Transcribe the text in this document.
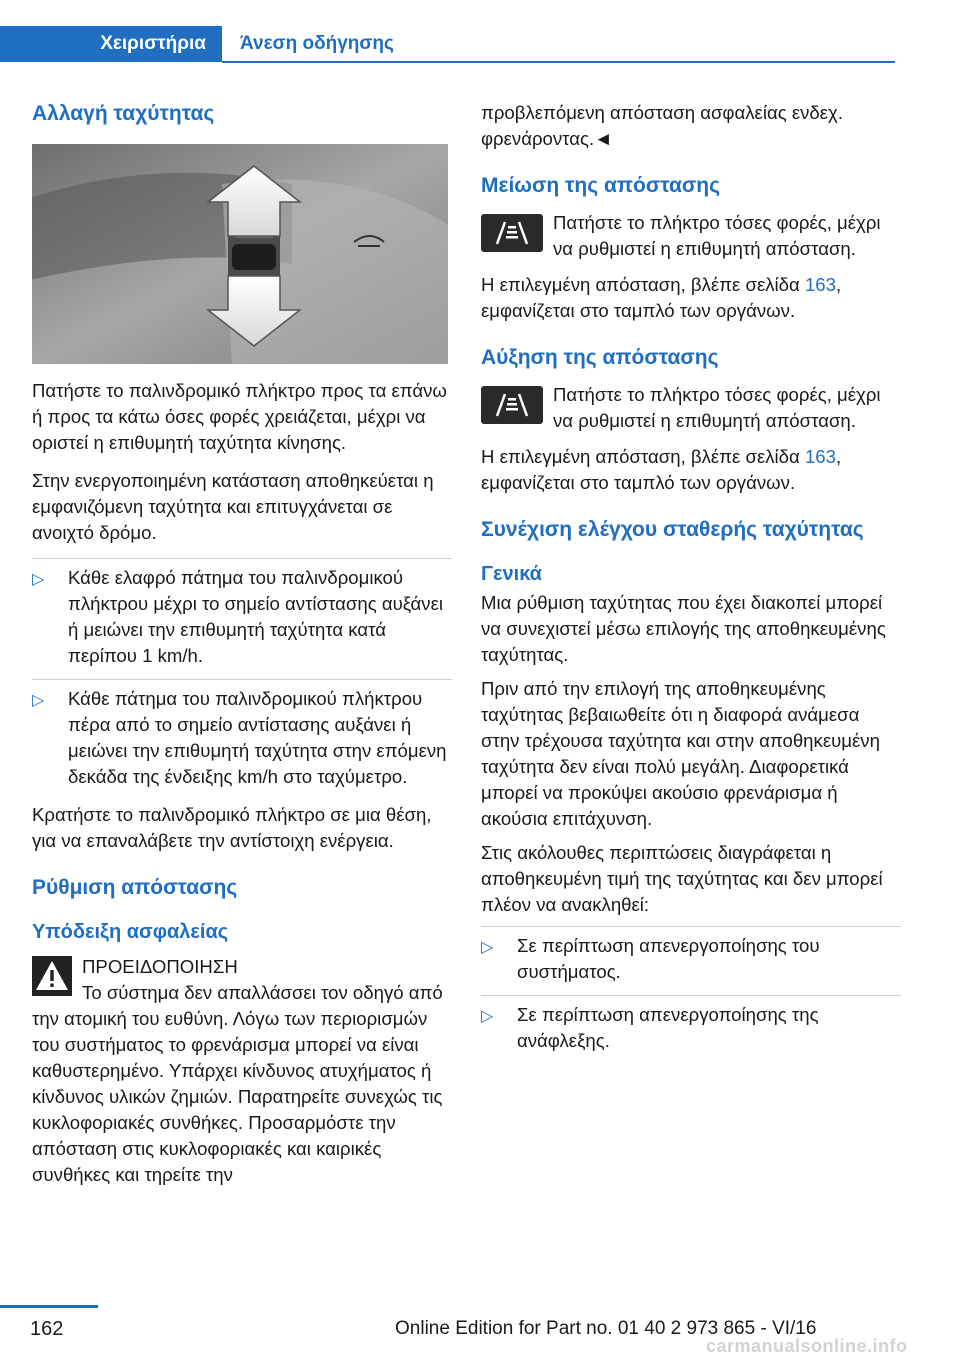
Χειριστήρια Άνεση οδήγησης
Αλλαγή ταχύτητας

Πατήστε το παλινδρομικό πλήκτρο προς τα επάνω ή προς τα κάτω όσες φορές χρειάζεται, μέχρι να οριστεί η επιθυμητή ταχύτητα κίνησης.

Στην ενεργοποιημένη κατάσταση αποθηκεύεται η εμφανιζόμενη ταχύτητα και επιτυγχάνεται σε ανοιχτό δρόμο.

▷ Κάθε ελαφρό πάτημα του παλινδρομικού πλήκτρου μέχρι το σημείο αντίστασης αυξάνει ή μειώνει την επιθυμητή ταχύτητα κατά περίπου 1 km/h.
▷ Κάθε πάτημα του παλινδρομικού πλήκτρου πέρα από το σημείο αντίστασης αυξάνει ή μειώνει την επιθυμητή ταχύτητα στην επόμενη δεκάδα της ένδειξης km/h στο ταχύμετρο.

Κρατήστε το παλινδρομικό πλήκτρο σε μια θέση, για να επαναλάβετε την αντίστοιχη ενέργεια.

Ρύθμιση απόστασης
Υπόδειξη ασφαλείας
ΠΡΟΕΙΔΟΠΟΙΗΣΗ
Το σύστημα δεν απαλλάσσει τον οδηγό από την ατομική του ευθύνη. Λόγω των περιορισμών του συστήματος το φρενάρισμα μπορεί να είναι καθυστερημένο. Υπάρχει κίνδυνος ατυχήματος ή κίνδυνος υλικών ζημιών. Παρατηρείτε συνεχώς τις κυκλοφοριακές συνθήκες. Προσαρμόστε την απόσταση στις κυκλοφοριακές και καιρικές συνθήκες και τηρείτε την

προβλεπόμενη απόσταση ασφαλείας ενδεχ. φρενάροντας.◄

Μείωση της απόστασης
Πατήστε το πλήκτρο τόσες φορές, μέχρι να ρυθμιστεί η επιθυμητή απόσταση.

Η επιλεγμένη απόσταση, βλέπε σελίδα 163, εμφανίζεται στο ταμπλό των οργάνων.

Αύξηση της απόστασης
Πατήστε το πλήκτρο τόσες φορές, μέχρι να ρυθμιστεί η επιθυμητή απόσταση.

Η επιλεγμένη απόσταση, βλέπε σελίδα 163, εμφανίζεται στο ταμπλό των οργάνων.

Συνέχιση ελέγχου σταθερής ταχύτητας
Γενικά

Μια ρύθμιση ταχύτητας που έχει διακοπεί μπορεί να συνεχιστεί μέσω επιλογής της αποθηκευμένης ταχύτητας.

Πριν από την επιλογή της αποθηκευμένης ταχύτητας βεβαιωθείτε ότι η διαφορά ανάμεσα στην τρέχουσα ταχύτητα και στην αποθηκευμένη ταχύτητα δεν είναι πολύ μεγάλη. Διαφορετικά μπορεί να προκύψει ακούσιο φρενάρισμα ή ακούσια επιτάχυνση.

Στις ακόλουθες περιπτώσεις διαγράφεται η αποθηκευμένη τιμή της ταχύτητας και δεν μπορεί πλέον να ανακληθεί:

▷ Σε περίπτωση απενεργοποίησης του συστήματος.
▷ Σε περίπτωση απενεργοποίησης της ανάφλεξης.
162	Online Edition for Part no. 01 40 2 973 865 - VI/16
carmanualsonline.info
